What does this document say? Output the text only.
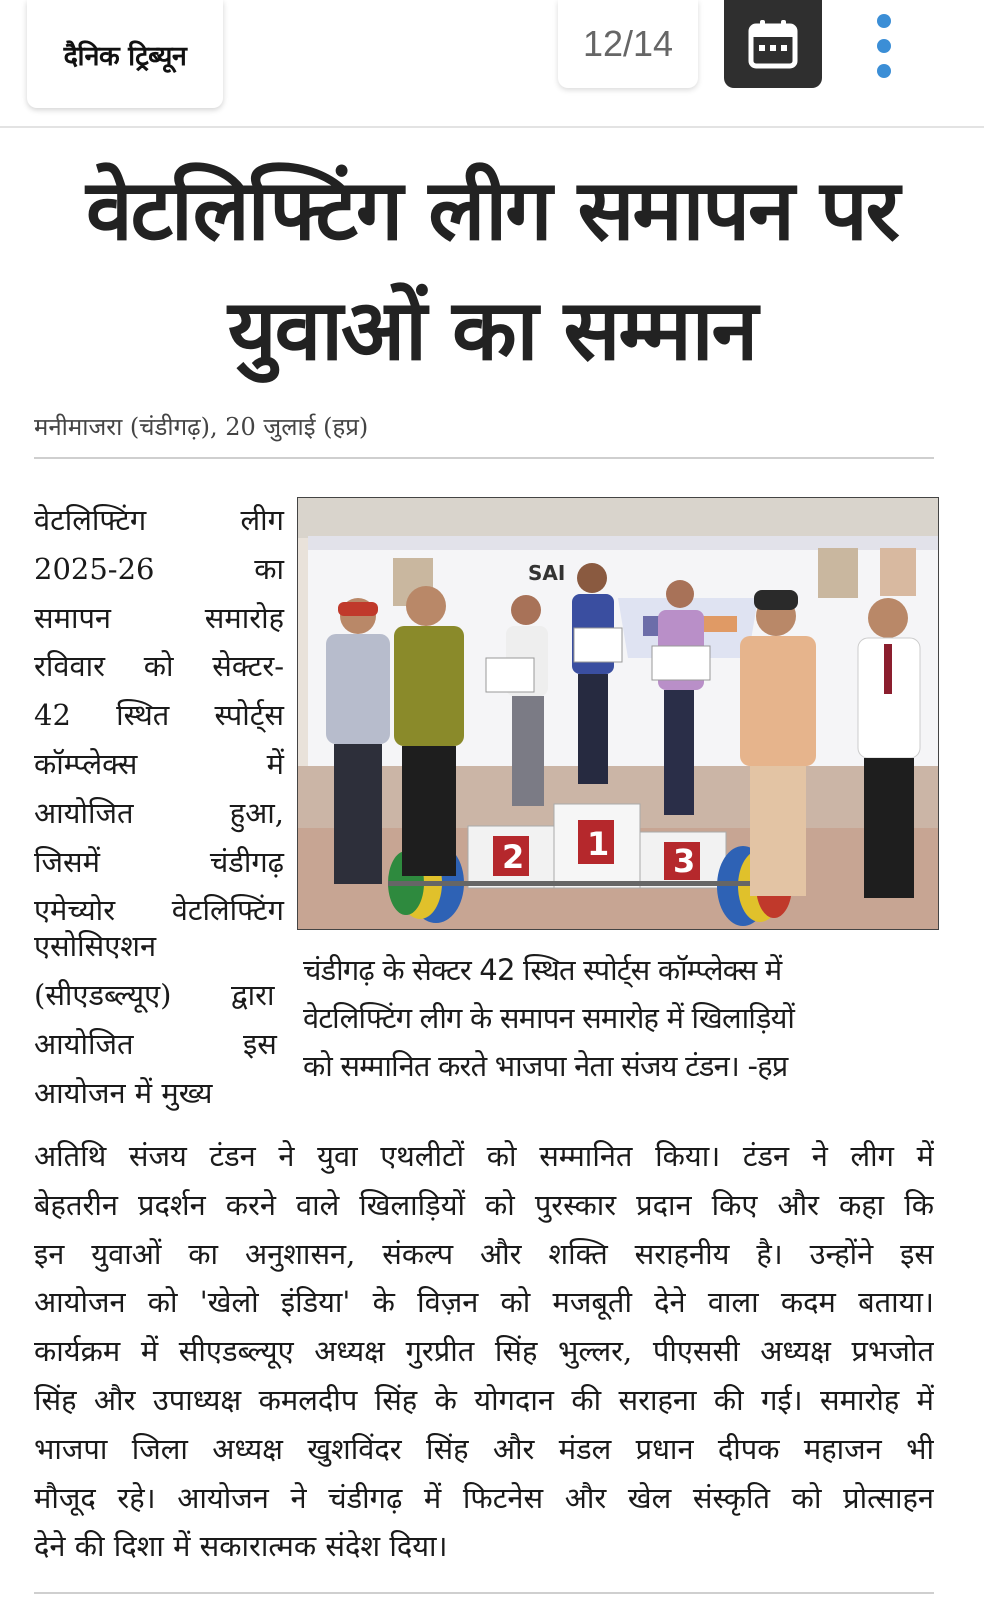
दैनिक ट्रिब्यून	12/14
वेटलिफ्टिंग लीग समापन पर
युवाओं का सम्मान
मनीमाजरा (चंडीगढ़), 20 जुलाई (हप्र)
वेटलिफ्टिंग	लीग
2025-26	का
समापन	समारोह
रविवार को सेक्टर-
42 स्थित स्पोर्ट्स
कॉम्प्लेक्स	में
आयोजित	हुआ,
जिसमें	चंडीगढ़
एमेच्योर वेटलिफ्टिंग
SAI
2 1 3
चंडीगढ़ के सेक्टर 42 स्थित स्पोर्ट्स कॉम्प्लेक्स में
वेटलिफ्टिंग लीग के समापन समारोह में खिलाड़ियों
को सम्मानित करते भाजपा नेता संजय टंडन। -हप्र
एसोसिएशन
(सीएडब्ल्यूए) द्वारा
आयोजित	इस
आयोजन में मुख्य
अतिथि संजय टंडन ने युवा एथलीटों को सम्मानित किया। टंडन ने लीग में
बेहतरीन प्रदर्शन करने वाले खिलाड़ियों को पुरस्कार प्रदान किए और कहा कि
इन युवाओं का अनुशासन, संकल्प और शक्ति सराहनीय है। उन्होंने इस
आयोजन को 'खेलो इंडिया' के विज़न को मजबूती देने वाला कदम बताया।
कार्यक्रम में सीएडब्ल्यूए अध्यक्ष गुरप्रीत सिंह भुल्लर, पीएससी अध्यक्ष प्रभजोत
सिंह और उपाध्यक्ष कमलदीप सिंह के योगदान की सराहना की गई। समारोह में
भाजपा जिला अध्यक्ष खुशविंदर सिंह और मंडल प्रधान दीपक महाजन भी
मौजूद रहे। आयोजन ने चंडीगढ़ में फिटनेस और खेल संस्कृति को प्रोत्साहन
देने की दिशा में सकारात्मक संदेश दिया।
